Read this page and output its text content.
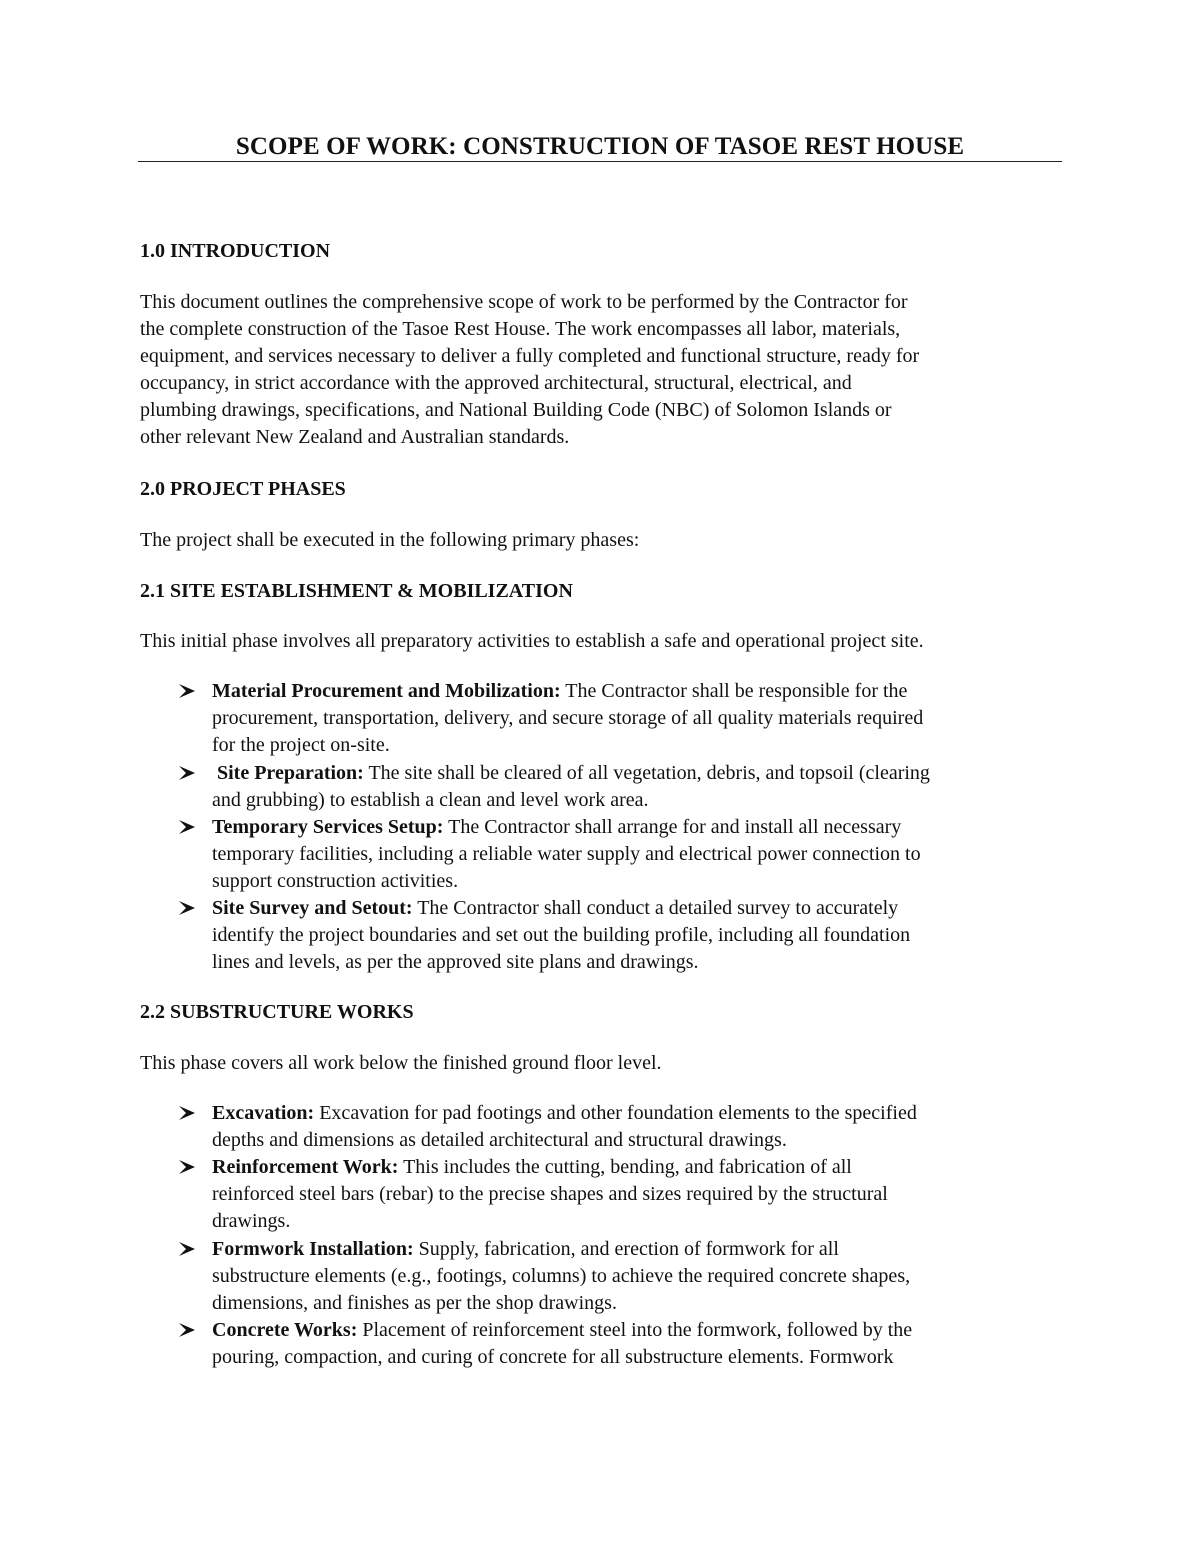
SCOPE OF WORK: CONSTRUCTION OF TASOE REST HOUSE
1.0 INTRODUCTION
This document outlines the comprehensive scope of work to be performed by the Contractor for
the complete construction of the Tasoe Rest House. The work encompasses all labor, materials,
equipment, and services necessary to deliver a fully completed and functional structure, ready for
occupancy, in strict accordance with the approved architectural, structural, electrical, and
plumbing drawings, specifications, and National Building Code (NBC) of Solomon Islands or
other relevant New Zealand and Australian standards.
2.0 PROJECT PHASES
The project shall be executed in the following primary phases:
2.1 SITE ESTABLISHMENT & MOBILIZATION
This initial phase involves all preparatory activities to establish a safe and operational project site.
Material Procurement and Mobilization: The Contractor shall be responsible for the
procurement, transportation, delivery, and secure storage of all quality materials required
for the project on-site.
Site Preparation: The site shall be cleared of all vegetation, debris, and topsoil (clearing
and grubbing) to establish a clean and level work area.
Temporary Services Setup: The Contractor shall arrange for and install all necessary
temporary facilities, including a reliable water supply and electrical power connection to
support construction activities.
Site Survey and Setout: The Contractor shall conduct a detailed survey to accurately
identify the project boundaries and set out the building profile, including all foundation
lines and levels, as per the approved site plans and drawings.
2.2 SUBSTRUCTURE WORKS
This phase covers all work below the finished ground floor level.
Excavation: Excavation for pad footings and other foundation elements to the specified
depths and dimensions as detailed architectural and structural drawings.
Reinforcement Work: This includes the cutting, bending, and fabrication of all
reinforced steel bars (rebar) to the precise shapes and sizes required by the structural
drawings.
Formwork Installation: Supply, fabrication, and erection of formwork for all
substructure elements (e.g., footings, columns) to achieve the required concrete shapes,
dimensions, and finishes as per the shop drawings.
Concrete Works: Placement of reinforcement steel into the formwork, followed by the
pouring, compaction, and curing of concrete for all substructure elements. Formwork
